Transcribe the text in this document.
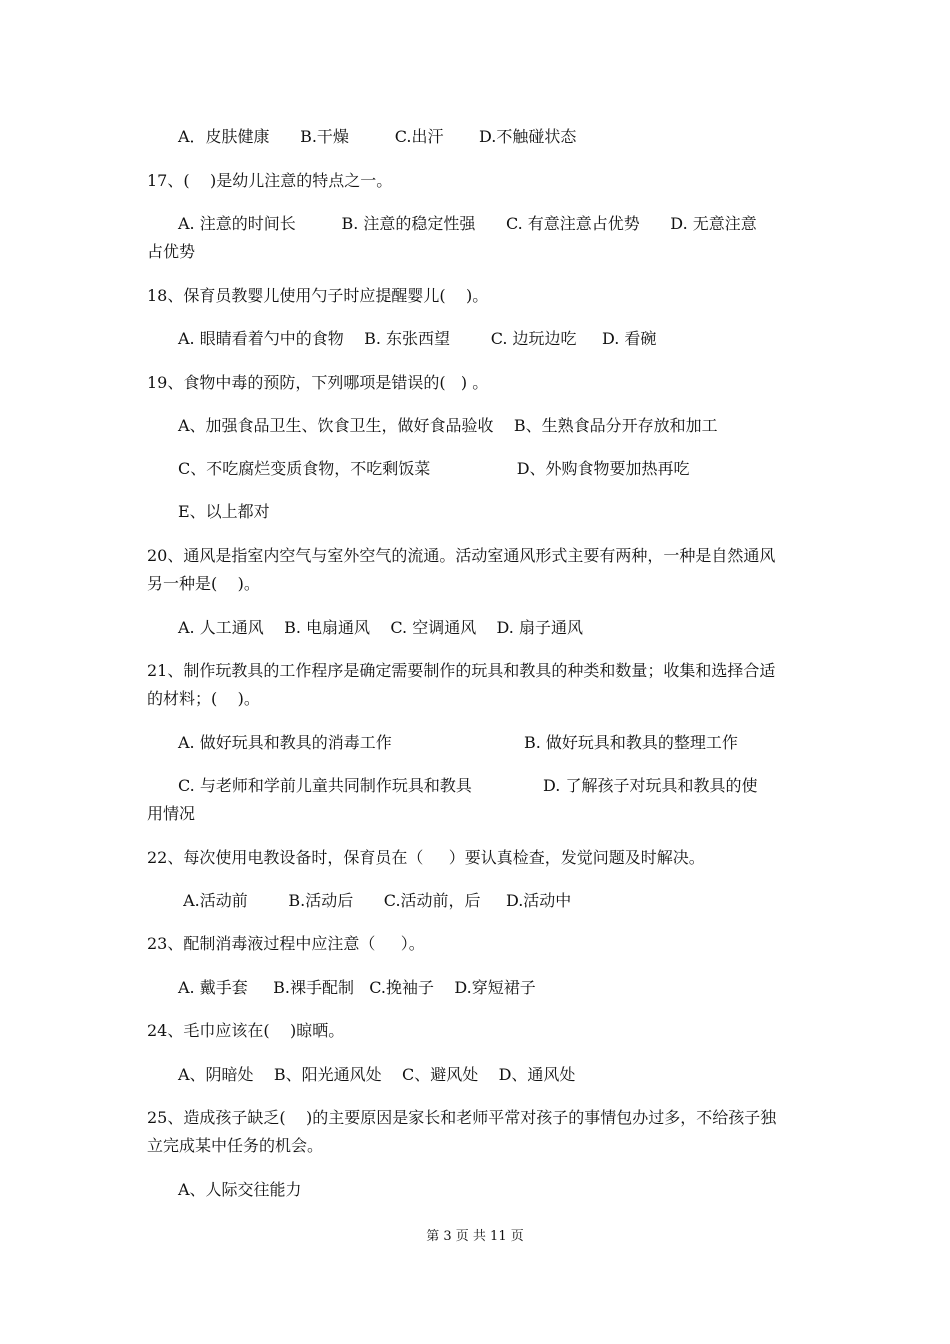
A．皮肤健康      B.干燥         C.出汗       D.不触碰状态
17、(    )是幼儿注意的特点之一。
A. 注意的时间长         B. 注意的稳定性强      C. 有意注意占优势      D. 无意注意
占优势
18、保育员教婴儿使用勺子时应提醒婴儿(    )。
A. 眼睛看着勺中的食物    B. 东张西望        C. 边玩边吃     D. 看碗
19、食物中毒的预防，下列哪项是错误的(   ) 。
A、加强食品卫生、饮食卫生，做好食品验收    B、生熟食品分开存放和加工
C、不吃腐烂变质食物，不吃剩饭菜                 D、外购食物要加热再吃
E、以上都对
20、通风是指室内空气与室外空气的流通。活动室通风形式主要有两种，一种是自然通风
另一种是(    )。
A. 人工通风    B. 电扇通风    C. 空调通风    D. 扇子通风
21、制作玩教具的工作程序是确定需要制作的玩具和教具的种类和数量；收集和选择合适
的材料；(    )。
A. 做好玩具和教具的消毒工作                          B. 做好玩具和教具的整理工作
C. 与老师和学前儿童共同制作玩具和教具              D. 了解孩子对玩具和教具的使
用情况
22、每次使用电教设备时，保育员在（     ）要认真检查，发觉问题及时解决。
A.活动前        B.活动后      C.活动前，后     D.活动中
23、配制消毒液过程中应注意（     ）。
A. 戴手套     B.裸手配制   C.挽袖子    D.穿短裙子
24、毛巾应该在(    )晾晒。
A、阴暗处    B、阳光通风处    C、避风处    D、通风处
25、造成孩子缺乏(    )的主要原因是家长和老师平常对孩子的事情包办过多，不给孩子独
立完成某中任务的机会。
A、人际交往能力
第 3 页 共 11 页
